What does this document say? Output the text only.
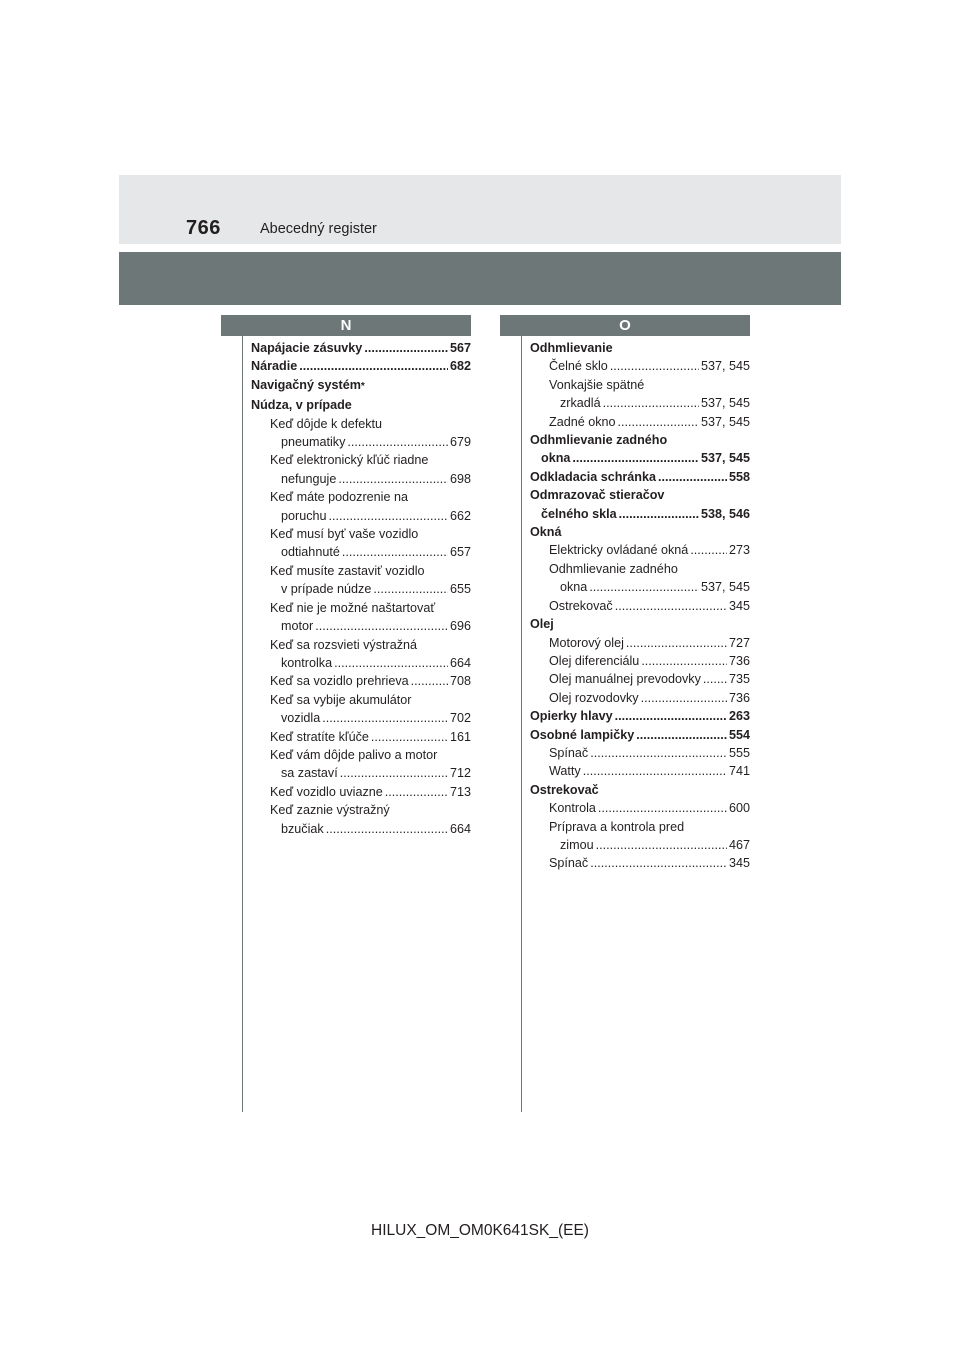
766	Abecedný register
N	O
Napájacie zásuvky .....	567
Náradie .....	682
Navigačný systém *
Núdza, v prípade
Keď dôjde k defektu
pneumatiky .....	679
Keď elektronický kľúč riadne
nefunguje .....	698
Keď máte podozrenie na
poruchu .....	662
Keď musí byť vaše vozidlo
odtiahnuté .....	657
Keď musíte zastaviť vozidlo
v prípade núdze .....	655
Keď nie je možné naštartovať
motor .....	696
Keď sa rozsvieti výstražná
kontrolka .....	664
Keď sa vozidlo prehrieva .....	708
Keď sa vybije akumulátor
vozidla .....	702
Keď stratíte kľúče .....	161
Keď vám dôjde palivo a motor
sa zastaví .....	712
Keď vozidlo uviazne .....	713
Keď zaznie výstražný
bzučiak .....	664
Odhmlievanie
Čelné sklo .....	537, 545
Vonkajšie spätné
zrkadlá .....	537, 545
Zadné okno .....	537, 545
Odhmlievanie zadného
okna .....	537, 545
Odkladacia schránka .....	558
Odmrazovač stieračov
čelného skla .....	538, 546
Okná
Elektricky ovládané okná .....	273
Odhmlievanie zadného
okna .....	537, 545
Ostrekovač .....	345
Olej
Motorový olej .....	727
Olej diferenciálu .....	736
Olej manuálnej prevodovky ..... 735
Olej rozvodovky .....	736
Opierky hlavy .....	263
Osobné lampičky .....	554
Spínač .....	555
Watty .....	741
Ostrekovač
Kontrola .....	600
Príprava a kontrola pred
zimou .....	467
Spínač .....	345
HILUX_OM_OM0K641SK_(EE)
